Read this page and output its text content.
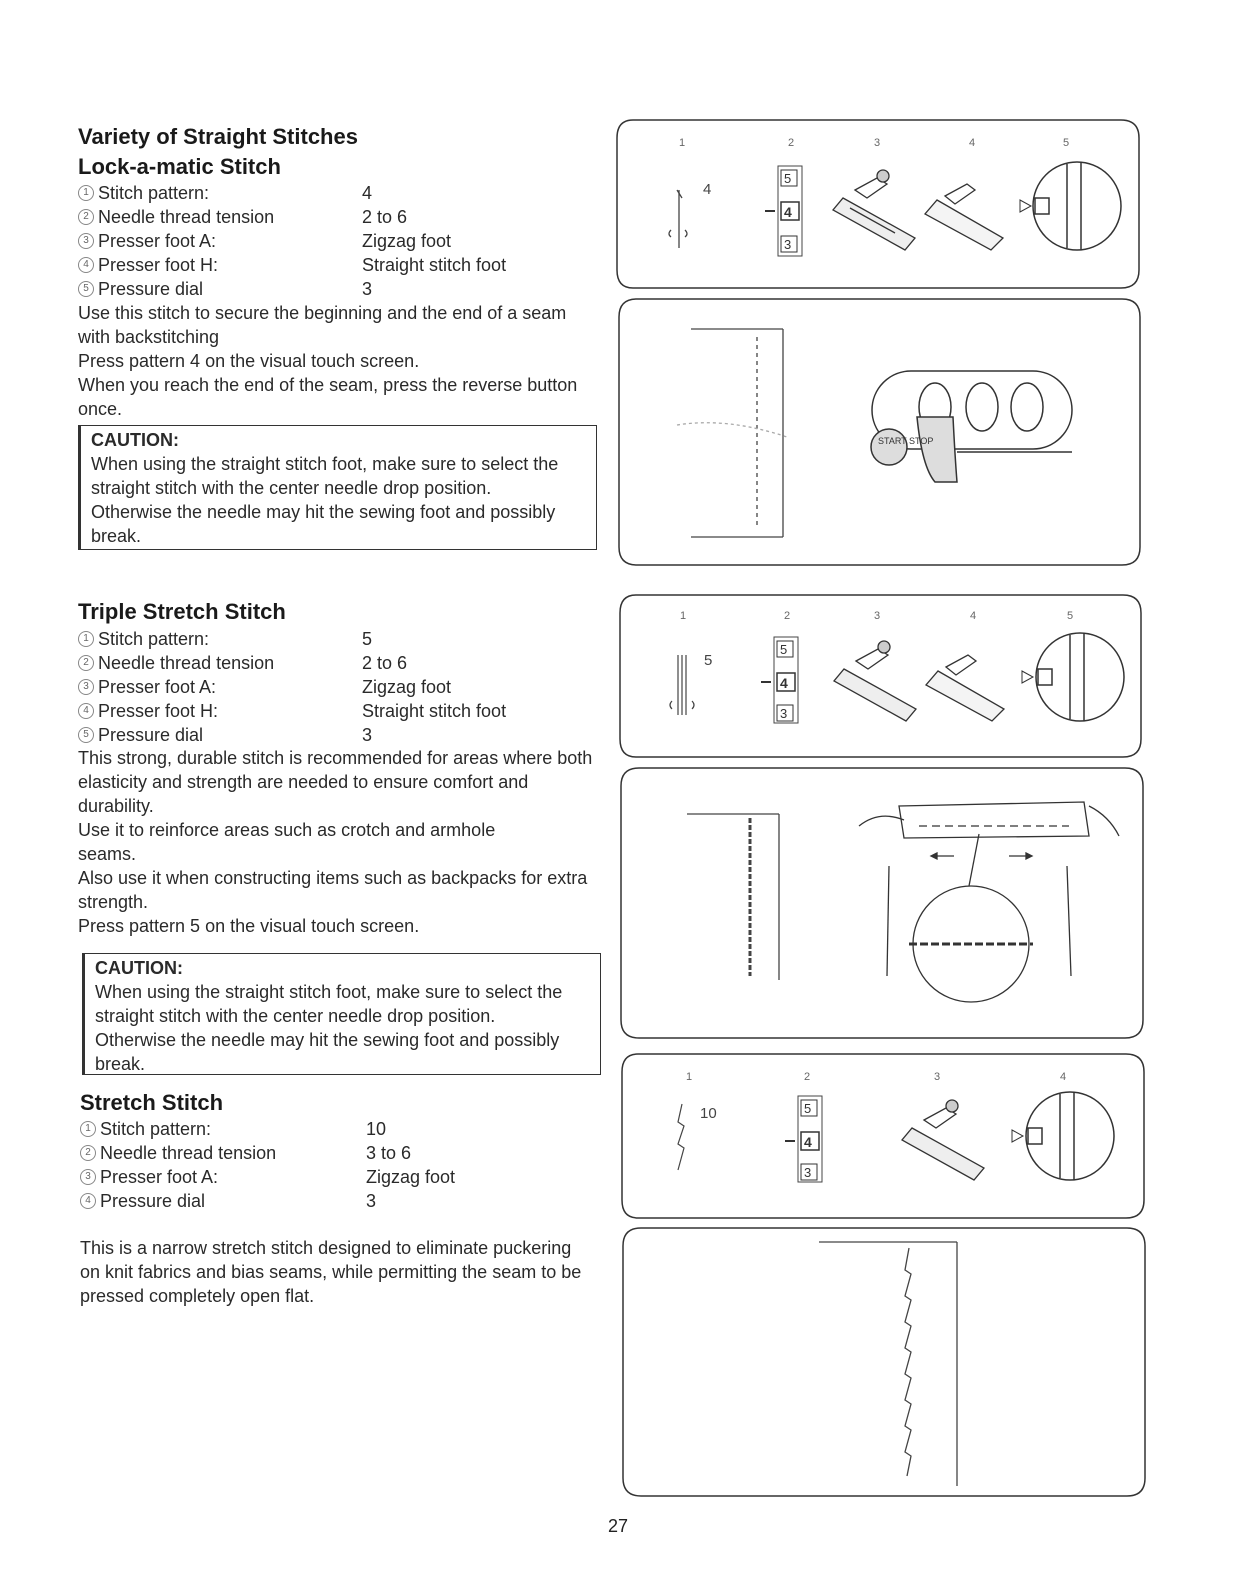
Variety of Straight Stitches
Lock-a-matic Stitch
1 Stitch pattern:	4
2 Needle thread tension	2 to 6
3 Presser foot A:	Zigzag foot
4 Presser foot H:	Straight stitch foot
5 Pressure dial	3

Use this stitch to secure the beginning and the end of a seam with backstitching

Press pattern 4 on the visual touch screen.

When you reach the end of the seam, press the reverse button once.

CAUTION:
When using the straight stitch foot, make sure to select the straight stitch with the center needle drop position. Otherwise the needle may hit the sewing foot and possibly break.
Triple Stretch Stitch
1 Stitch pattern:	5
2 Needle thread tension	2 to 6
3 Presser foot A:	Zigzag foot
4 Presser foot H:	Straight stitch foot
5 Pressure dial	3

This strong, durable stitch is recommended for areas where both elasticity and strength are needed to ensure comfort and durability.

Use it to reinforce areas such as crotch and armhole seams.

Also use it when constructing items such as backpacks for extra strength.

Press pattern 5 on the visual touch screen.

CAUTION:
When using the straight stitch foot, make sure to select the straight stitch with the center needle drop position. Otherwise the needle may hit the sewing foot and possibly break.
Stretch Stitch
1 Stitch pattern:	10
2 Needle thread tension	3 to 6
3 Presser foot A:	Zigzag foot
4 Pressure dial	3

This is a narrow stretch stitch designed to eliminate puckering on knit fabrics and bias seams, while permitting the seam to be pressed completely open flat.

1	2	3	4	5
4
5
4
3
START STOP
1	2	3	4	5
5
5
4
3
1	2	3	4
10	5
4
3
27
